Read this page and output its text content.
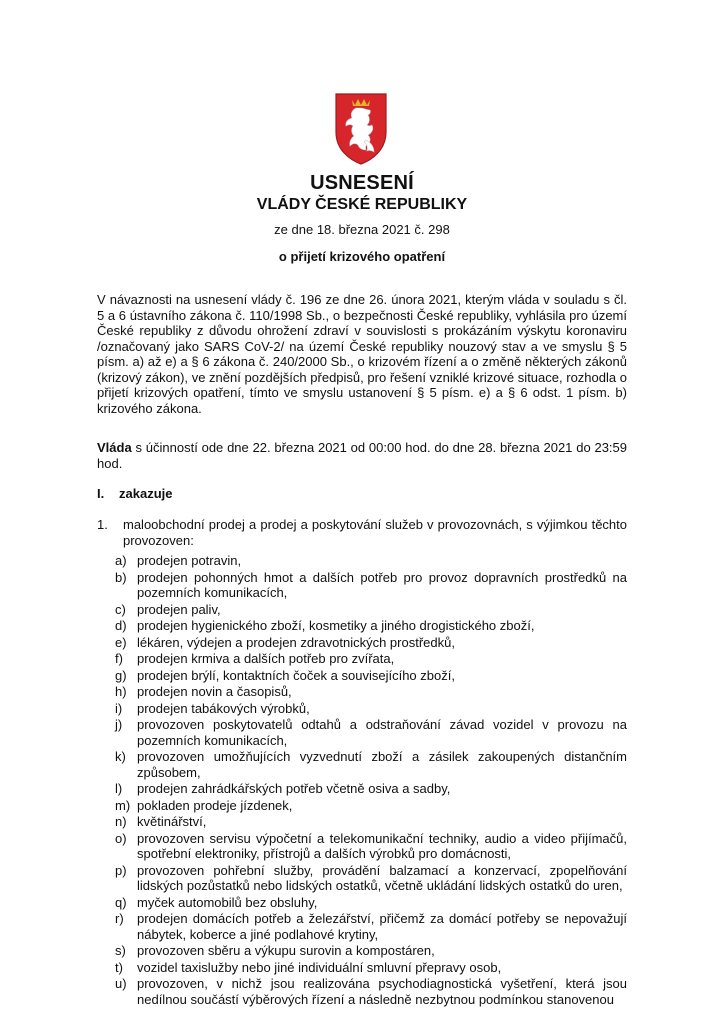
USNESENÍ
VLÁDY ČESKÉ REPUBLIKY
ze dne 18. března 2021 č. 298
o přijetí krizového opatření
V návaznosti na usnesení vlády č. 196 ze dne 26. února 2021, kterým vláda v souladu s čl. 5 a 6 ústavního zákona č. 110/1998 Sb., o bezpečnosti České republiky, vyhlásila pro území České republiky z důvodu ohrožení zdraví v souvislosti s prokázáním výskytu koronaviru /označovaný jako SARS CoV-2/ na území České republiky nouzový stav a ve smyslu § 5 písm. a) až e) a § 6 zákona č. 240/2000 Sb., o krizovém řízení a o změně některých zákonů (krizový zákon), ve znění pozdějších předpisů, pro řešení vzniklé krizové situace, rozhodla o přijetí krizových opatření, tímto ve smyslu ustanovení § 5 písm. e) a § 6 odst. 1 písm. b) krizového zákona.
Vláda s účinností ode dne 22. března 2021 od 00:00 hod. do dne 28. března 2021 do 23:59 hod.
I. zakazuje
1. maloobchodní prodej a prodej a poskytování služeb v provozovnách, s výjimkou těchto provozoven:
a) prodejen potravin,
b) prodejen pohonných hmot a dalších potřeb pro provoz dopravních prostředků na pozemních komunikacích,
c) prodejen paliv,
d) prodejen hygienického zboží, kosmetiky a jiného drogistického zboží,
e) lékáren, výdejen a prodejen zdravotnických prostředků,
f) prodejen krmiva a dalších potřeb pro zvířata,
g) prodejen brýlí, kontaktních čoček a souvisejícího zboží,
h) prodejen novin a časopisů,
i) prodejen tabákových výrobků,
j) provozoven poskytovatelů odtahů a odstraňování závad vozidel v provozu na pozemních komunikacích,
k) provozoven umožňujících vyzvednutí zboží a zásilek zakoupených distančním způsobem,
l) prodejen zahrádkářských potřeb včetně osiva a sadby,
m) pokladen prodeje jízdenek,
n) květinářství,
o) provozoven servisu výpočetní a telekomunikační techniky, audio a video přijímačů, spotřební elektroniky, přístrojů a dalších výrobků pro domácnosti,
p) provozoven pohřební služby, provádění balzamací a konzervací, zpopelňování lidských pozůstatků nebo lidských ostatků, včetně ukládání lidských ostatků do uren,
q) myček automobilů bez obsluhy,
r) prodejen domácích potřeb a železářství, přičemž za domácí potřeby se nepovažují nábytek, koberce a jiné podlahové krytiny,
s) provozoven sběru a výkupu surovin a kompostáren,
t) vozidel taxislužby nebo jiné individuální smluvní přepravy osob,
u) provozoven, v nichž jsou realizována psychodiagnostická vyšetření, která jsou nedílnou součástí výběrových řízení a následně nezbytnou podmínkou stanovenou
